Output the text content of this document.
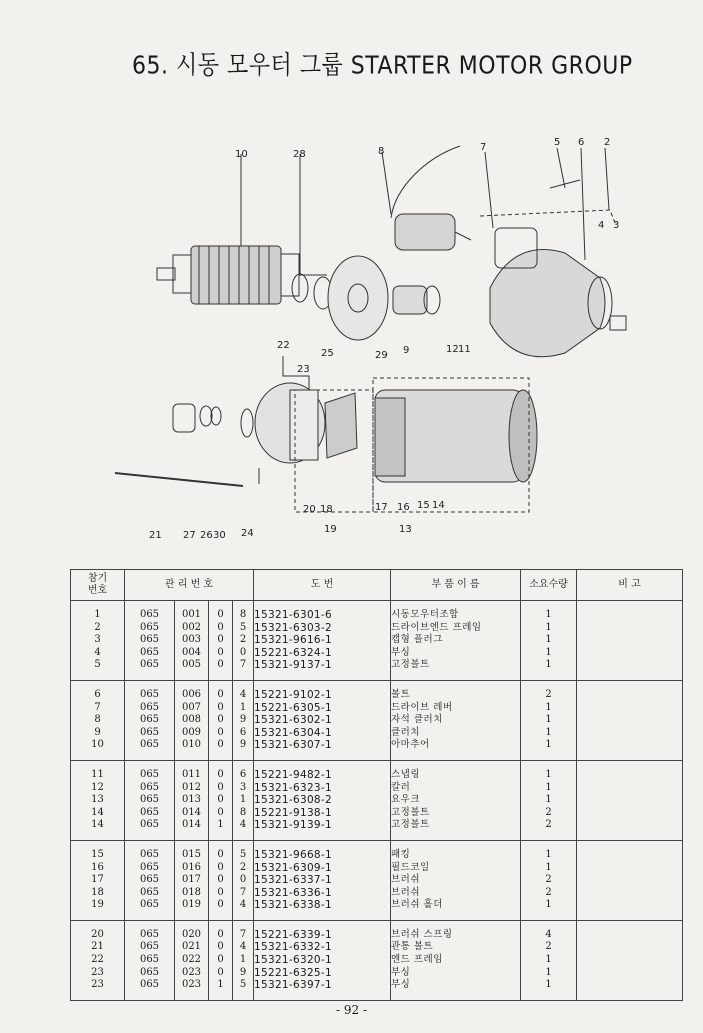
65. 시동 모우터 그룹 STARTER MOTOR GROUP
10	28	8	7	5 6 2
4 3
25	29 9	12 11
22
23
21 27 26 30 24
20 18
19
17 16 15 14
13
참기
번호	관 리 번 호				도 번	부 품 이 름	소요수량	비 고
1	065	001	0	8	15321-6301-6	시동모우터조합	1	
2	065	002	0	5	15321-6303-2	드라이브엔드 프레임	1	
3	065	003	0	2	15321-9616-1	캡형 플러그	1	
4	065	004	0	0	15221-6324-1	부싱	1	
5	065	005	0	7	15321-9137-1	고정볼트	1	
6	065	006	0	4	15221-9102-1	볼트	2	
7	065	007	0	1	15221-6305-1	드라이브 레버	1	
8	065	008	0	9	15321-6302-1	자석 클러치	1	
9	065	009	0	6	15321-6304-1	클러치	1	
10	065	010	0	9	15321-6307-1	아마추어	1	
11	065	011	0	6	15221-9482-1	스냅링	1	
12	065	012	0	3	15321-6323-1	칼러	1	
13	065	013	0	1	15321-6308-2	요우크	1	
14	065	014	0	8	15221-9138-1	고정볼트	2	
14	065	014	1	4	15321-9139-1	고정볼트	2	
15	065	015	0	5	15321-9668-1	패킹	1	
16	065	016	0	2	15321-6309-1	필드코일	1	
17	065	017	0	0	15321-6337-1	브러쉬	2	
18	065	018	0	7	15321-6336-1	브러쉬	2	
19	065	019	0	4	15321-6338-1	브러쉬 홀더	1	
20	065	020	0	7	15221-6339-1	브러쉬 스프링	4	
21	065	021	0	4	15321-6332-1	관통 볼트	2	
22	065	022	0	1	15321-6320-1	엔드 프레임	1	
23	065	023	0	9	15221-6325-1	부싱	1	
23	065	023	1	5	15321-6397-1	부싱	1	
- 92 -
